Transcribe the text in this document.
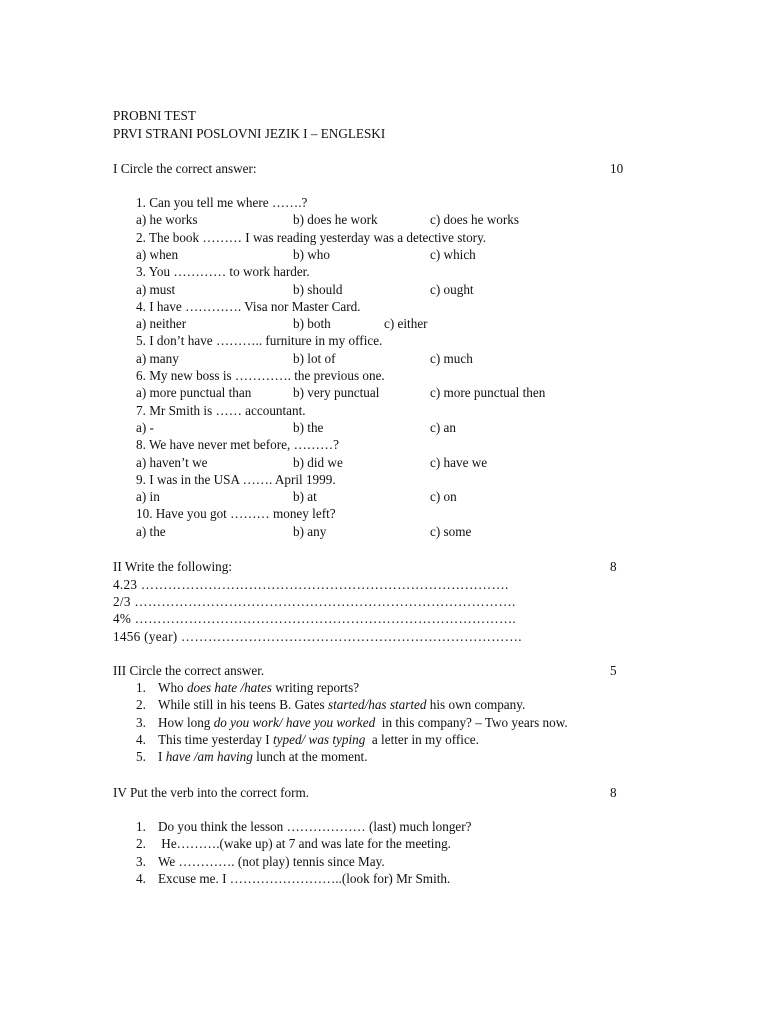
PROBNI TEST
PRVI STRANI POSLOVNI JEZIK I – ENGLESKI
I Circle the correct answer:	10
1. Can you tell me where …….?
a) he works	b) does he work	c) does he works
2. The book ……… I was reading yesterday was a detective story.
a) when	b) who	c) which
3. You ………… to work harder.
a) must	b) should	c) ought
4. I have …………. Visa nor Master Card.
a) neither	b) both	c) either
5. I don’t have ……….. furniture in my office.
a) many	b) lot of	c) much
6. My new boss is …………. the previous one.
a) more punctual than	b) very punctual	c) more punctual then
7. Mr Smith is …… accountant.
a) -	b) the	c) an
8. We have never met before, ………?
a) haven’t we	b) did we	c) have we
9. I was in the USA ……. April 1999.
a) in	b) at	c) on
10. Have you got ……… money left?
a) the	b) any	c) some
II Write the following:	8
4.23 ……………………………………………………………………….
2/3 ………………………………………………………………………….
4% ………………………………………………………………………….
1456 (year) ………………………………………………………………….
III Circle the correct answer.	5
1. Who does hate /hates writing reports?
2. While still in his teens B. Gates started/has started his own company.
3. How long do you work/ have you worked  in this company? – Two years now.
4. This time yesterday I typed/ was typing  a letter in my office.
5. I have /am having lunch at the moment.
IV Put the verb into the correct form.	8
1. Do you think the lesson ……………… (last) much longer?
2. He……….(wake up) at 7 and was late for the meeting.
3. We …………. (not play) tennis since May.
4. Excuse me. I ……………………..(look for) Mr Smith.
